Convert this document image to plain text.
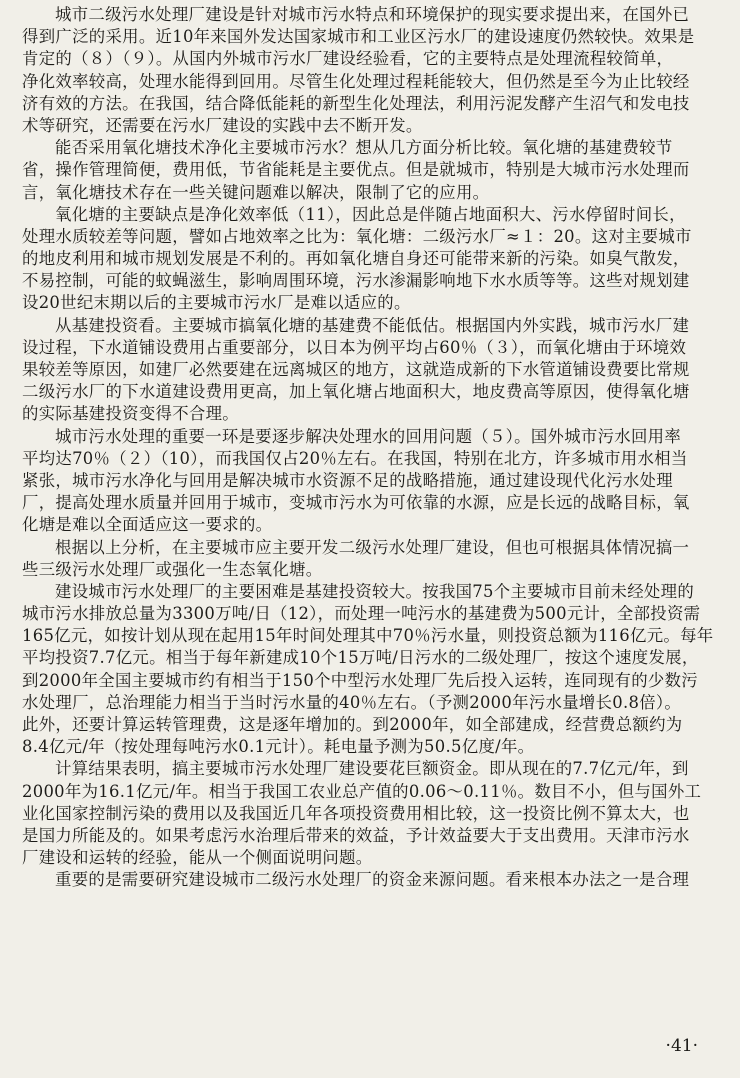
城市二级污水处理厂建设是针对城市污水特点和环境保护的现实要求提出来，在国外已
得到广泛的采用。近10年来国外发达国家城市和工业区污水厂的建设速度仍然较快。效果是
肯定的（８）（９）。从国内外城市污水厂建设经验看，它的主要特点是处理流程较简单，
净化效率较高，处理水能得到回用。尽管生化处理过程耗能较大，但仍然是至今为止比较经
济有效的方法。在我国，结合降低能耗的新型生化处理法，利用污泥发酵产生沼气和发电技
术等研究，还需要在污水厂建设的实践中去不断开发。
能否采用氧化塘技术净化主要城市污水？想从几方面分析比较。氧化塘的基建费较节
省，操作管理简便，费用低，节省能耗是主要优点。但是就城市，特别是大城市污水处理而
言，氧化塘技术存在一些关键问题难以解决，限制了它的应用。
氧化塘的主要缺点是净化效率低（11），因此总是伴随占地面积大、污水停留时间长，
处理水质较差等问题，譬如占地效率之比为：氧化塘：二级污水厂≈１：20。这对主要城市
的地皮利用和城市规划发展是不利的。再如氧化塘自身还可能带来新的污染。如臭气散发，
不易控制，可能的蚊蝇滋生，影响周围环境，污水渗漏影响地下水水质等等。这些对规划建
设20世纪末期以后的主要城市污水厂是难以适应的。
从基建投资看。主要城市搞氧化塘的基建费不能低估。根据国内外实践，城市污水厂建
设过程，下水道铺设费用占重要部分，以日本为例平均占60％（３），而氧化塘由于环境效
果较差等原因，如建厂必然要建在远离城区的地方，这就造成新的下水管道铺设费要比常规
二级污水厂的下水道建设费用更高，加上氧化塘占地面积大，地皮费高等原因，使得氧化塘
的实际基建投资变得不合理。
城市污水处理的重要一环是要逐步解决处理水的回用问题（５）。国外城市污水回用率
平均达70％（２）（10），而我国仅占20％左右。在我国，特别在北方，许多城市用水相当
紧张，城市污水净化与回用是解决城市水资源不足的战略措施，通过建设现代化污水处理
厂，提高处理水质量并回用于城市，变城市污水为可依靠的水源，应是长远的战略目标，氧
化塘是难以全面适应这一要求的。
根据以上分析，在主要城市应主要开发二级污水处理厂建设，但也可根据具体情况搞一
些三级污水处理厂或强化一生态氧化塘。
建设城市污水处理厂的主要困难是基建投资较大。按我国75个主要城市目前未经处理的
城市污水排放总量为3300万吨/日（12），而处理一吨污水的基建费为500元计，全部投资需
165亿元，如按计划从现在起用15年时间处理其中70％污水量，则投资总额为116亿元。每年
平均投资7.7亿元。相当于每年新建成10个15万吨/日污水的二级处理厂，按这个速度发展，
到2000年全国主要城市约有相当于150个中型污水处理厂先后投入运转，连同现有的少数污
水处理厂，总治理能力相当于当时污水量的40％左右。（予测2000年污水量增长0.8倍）。
此外，还要计算运转管理费，这是逐年增加的。到2000年，如全部建成，经营费总额约为
8.4亿元/年（按处理每吨污水0.1元计）。耗电量予测为50.5亿度/年。
计算结果表明，搞主要城市污水处理厂建设要花巨额资金。即从现在的7.7亿元/年，到
2000年为16.1亿元/年。相当于我国工农业总产值的0.06～0.11％。数目不小，但与国外工
业化国家控制污染的费用以及我国近几年各项投资费用相比较，这一投资比例不算太大，也
是国力所能及的。如果考虑污水治理后带来的效益，予计效益要大于支出费用。天津市污水
厂建设和运转的经验，能从一个侧面说明问题。
重要的是需要研究建设城市二级污水处理厂的资金来源问题。看来根本办法之一是合理
·41·
